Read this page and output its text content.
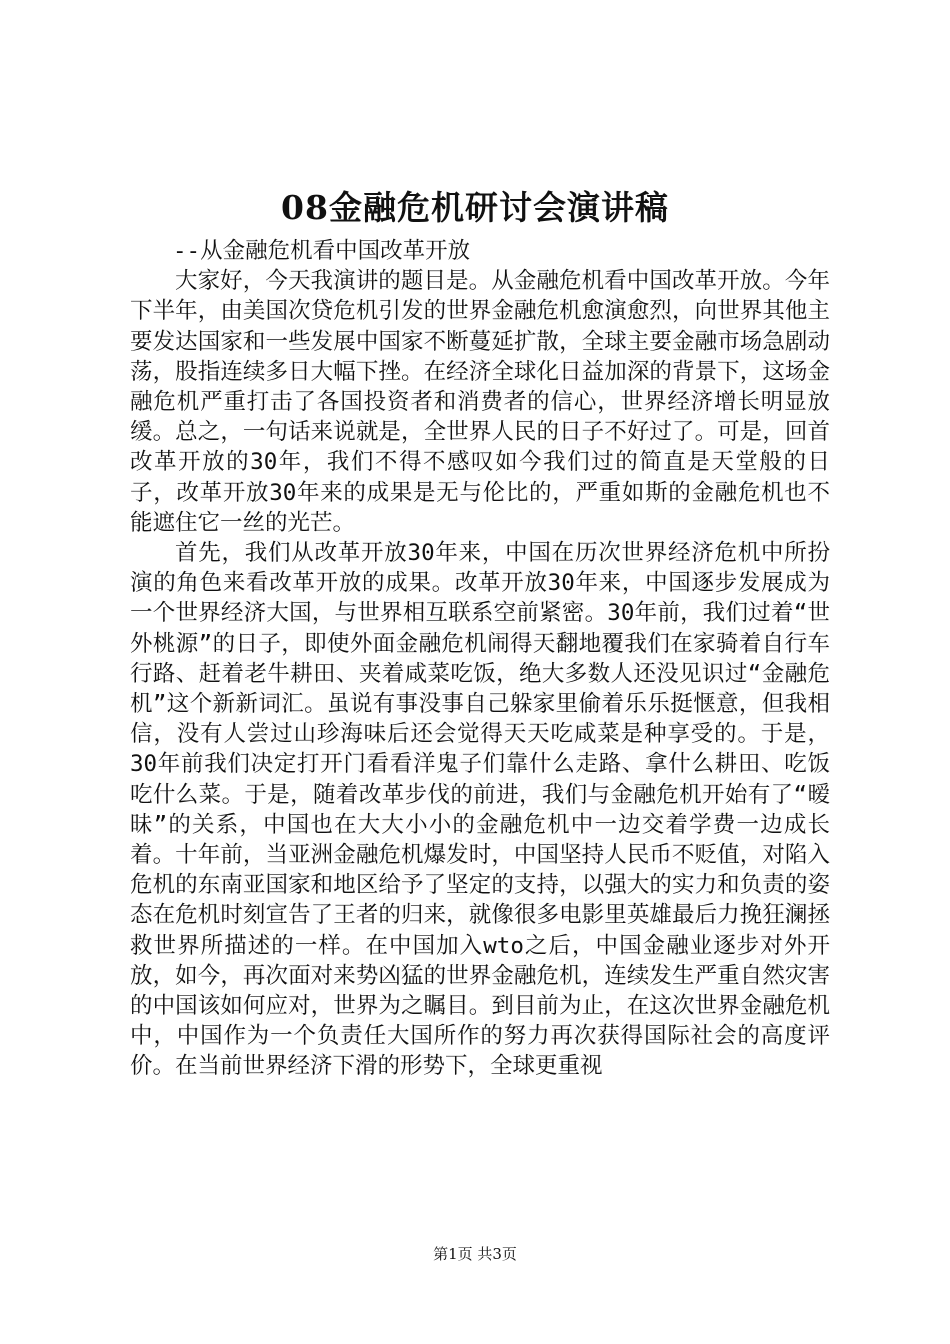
08金融危机研讨会演讲稿

--从金融危机看中国改革开放

大家好，今天我演讲的题目是。从金融危机看中国改革开放。今年下半年，由美国次贷危机引发的世界金融危机愈演愈烈，向世界其他主要发达国家和一些发展中国家不断蔓延扩散，全球主要金融市场急剧动荡，股指连续多日大幅下挫。在经济全球化日益加深的背景下，这场金融危机严重打击了各国投资者和消费者的信心，世界经济增长明显放缓。总之，一句话来说就是，全世界人民的日子不好过了。可是，回首改革开放的30年，我们不得不感叹如今我们过的简直是天堂般的日子，改革开放30年来的成果是无与伦比的，严重如斯的金融危机也不能遮住它一丝的光芒。

首先，我们从改革开放30年来，中国在历次世界经济危机中所扮演的角色来看改革开放的成果。改革开放30年来，中国逐步发展成为一个世界经济大国，与世界相互联系空前紧密。30年前，我们过着“世外桃源”的日子，即使外面金融危机闹得天翻地覆我们在家骑着自行车行路、赶着老牛耕田、夹着咸菜吃饭，绝大多数人还没见识过“金融危机”这个新新词汇。虽说有事没事自己躲家里偷着乐乐挺惬意，但我相信，没有人尝过山珍海味后还会觉得天天吃咸菜是种享受的。于是，30年前我们决定打开门看看洋鬼子们靠什么走路、拿什么耕田、吃饭吃什么菜。于是，随着改革步伐的前进，我们与金融危机开始有了“暧昧”的关系，中国也在大大小小的金融危机中一边交着学费一边成长着。十年前，当亚洲金融危机爆发时，中国坚持人民币不贬值，对陷入危机的东南亚国家和地区给予了坚定的支持，以强大的实力和负责的姿态在危机时刻宣告了王者的归来，就像很多电影里英雄最后力挽狂澜拯救世界所描述的一样。在中国加入wto之后，中国金融业逐步对外开放，如今，再次面对来势凶猛的世界金融危机，连续发生严重自然灾害的中国该如何应对，世界为之瞩目。到目前为止，在这次世界金融危机中，中国作为一个负责任大国所作的努力再次获得国际社会的高度评价。在当前世界经济下滑的形势下，全球更重视

第1页 共3页
